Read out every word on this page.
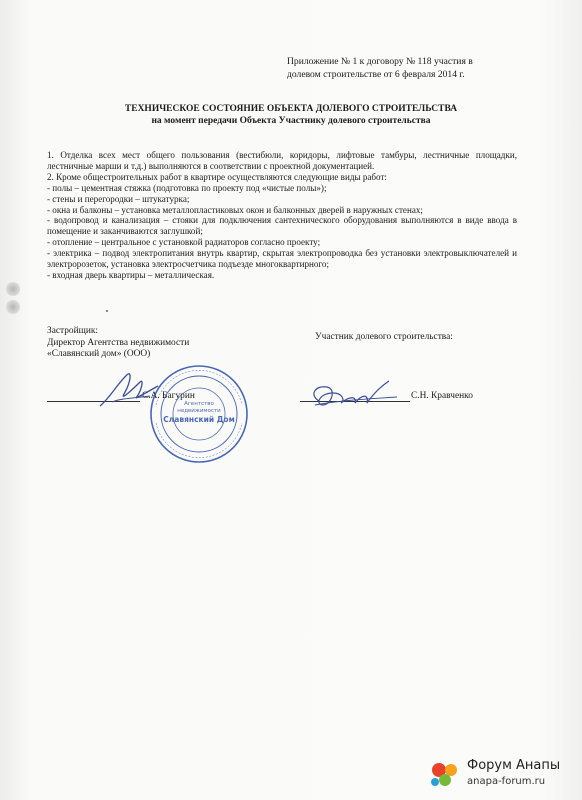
Приложение № 1 к договору № 118 участия в
долевом строительстве от 6 февраля 2014 г.
ТЕХНИЧЕСКОЕ СОСТОЯНИЕ ОБЪЕКТА ДОЛЕВОГО СТРОИТЕЛЬСТВА
на момент передачи Объекта Участнику долевого строительства

1. Отделка всех мест общего пользования (вестибюли, коридоры, лифтовые тамбуры, лестничные площадки, лестничные марши и т.д.) выполняются в соответствии с проектной документацией.

2. Кроме общестроительных работ в квартире осуществляются следующие виды работ:

- полы – цементная стяжка (подготовка по проекту под «чистые полы»);

- стены и перегородки – штукатурка;

- окна и балконы – установка металлопластиковых окон и балконных дверей в наружных стенах;

- водопровод и канализация – стояки для подключения сантехнического оборудования выполняются в виде ввода в помещение и заканчиваются заглушкой;

- отопление – центральное с установкой радиаторов согласно проекту;

- электрика – подвод электропитания внутрь квартир, скрытая электропроводка без установки электровыключателей и электророзеток, установка электросчетчика подъезде многоквартирного;

- входная дверь квартиры – металлическая.

Застройщик:
Директор Агентства недвижимости
«Славянский дом» (ООО)
Участник долевого строительства:
С.А. Багурин	С.Н. Кравченко
Агентство
недвижимости
Славянский Дом
Форум Анапы
anapa-forum.ru
